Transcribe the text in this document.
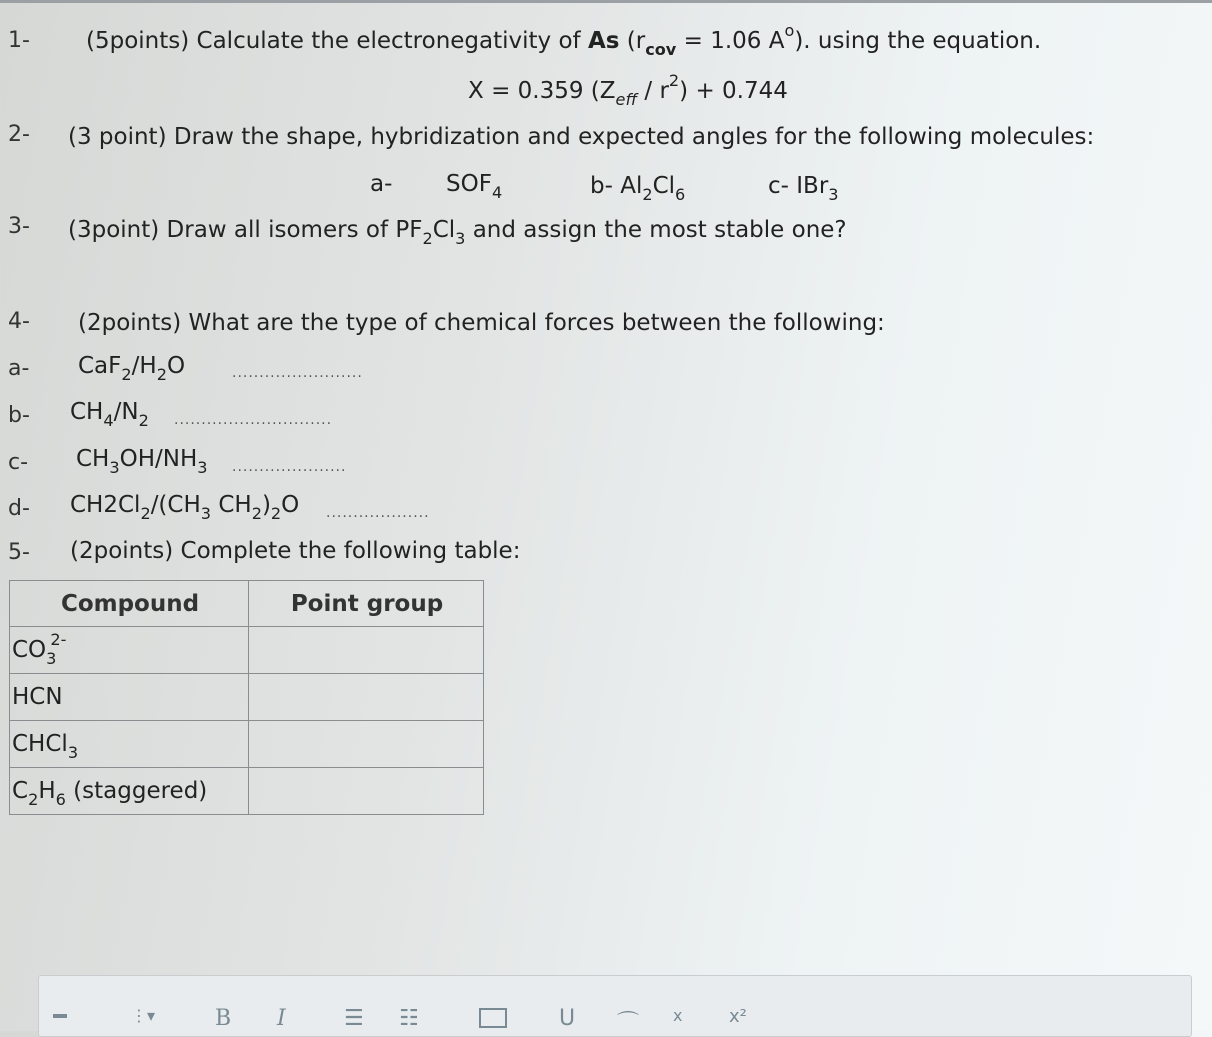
1- (5points) Calculate the electronegativity of As ($r_{cov} = 1.06$ $A^o$). using the equation.
X = 0.359 $(Z_{eff} / r^2) + 0.744$
2- (3 point) Draw the shape, hybridization and expected angles for the following molecules:
a- $SOF_4$	b- $Al_2Cl_6$	c- IBr$_3$
3- (3point) Draw all isomers of $PF_2Cl_3$ and assign the most stable one?
4- (2points) What are the type of chemical forces between the following:
a- $CaF_2/H_2O$	........................
b- $CH_4/N_2$ .............................
c- $CH_3OH/NH_3$ .....................
d- $CH2Cl_2/(CH_3$ $CH_2)_2O$ ...................
5- (2points) Complete the following table:
Compound	Point group
$CO_3^{2-}$	
HCN	
CHCl$_3$	
$C_2H_6$ (staggered)	
⋮▾	B I	☰ ☷	U ⌒ x	x²
